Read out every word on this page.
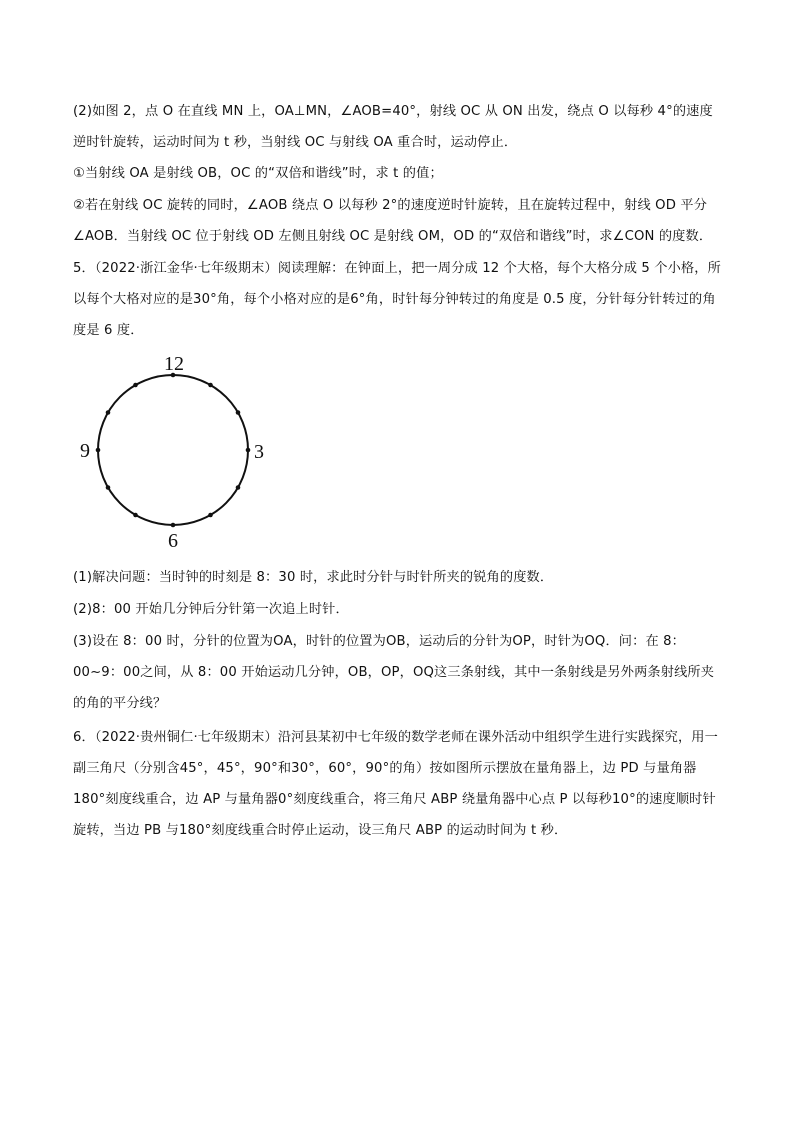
(2)如图 2，点 O 在直线 MN 上，OA⊥MN，∠AOB=40°，射线 OC 从 ON 出发，绕点 O 以每秒 4°的速度逆时针旋转，运动时间为 t 秒，当射线 OC 与射线 OA 重合时，运动停止．
①当射线 OA 是射线 OB，OC 的“双倍和谐线”时，求 t 的值；
②若在射线 OC 旋转的同时，∠AOB 绕点 O 以每秒 2°的速度逆时针旋转，且在旋转过程中，射线 OD 平分∠AOB．当射线 OC 位于射线 OD 左侧且射线 OC 是射线 OM，OD 的“双倍和谐线”时，求∠CON 的度数．
5．（2022·浙江金华·七年级期末）阅读理解：在钟面上，把一周分成 12 个大格，每个大格分成 5 个小格，所以每个大格对应的是30°角，每个小格对应的是6°角，时针每分钟转过的角度是 0.5 度，分针每分针转过的角度是 6 度．
12
3
6
9
(1)解决问题：当时钟的时刻是 8：30 时，求此时分针与时针所夹的锐角的度数．
(2)8：00 开始几分钟后分针第一次追上时针．
(3)设在 8：00 时，分针的位置为OA，时针的位置为OB，运动后的分针为OP，时针为OQ．问：在 8：00~9：00之间，从 8：00 开始运动几分钟，OB，OP，OQ这三条射线，其中一条射线是另外两条射线所夹的角的平分线？
6．（2022·贵州铜仁·七年级期末）沿河县某初中七年级的数学老师在课外活动中组织学生进行实践探究，用一副三角尺（分别含45°，45°，90°和30°，60°，90°的角）按如图所示摆放在量角器上，边 PD 与量角器180°刻度线重合，边 AP 与量角器0°刻度线重合，将三角尺 ABP 绕量角器中心点 P 以每秒10°的速度顺时针旋转，当边 PB 与180°刻度线重合时停止运动，设三角尺 ABP 的运动时间为 t 秒．
